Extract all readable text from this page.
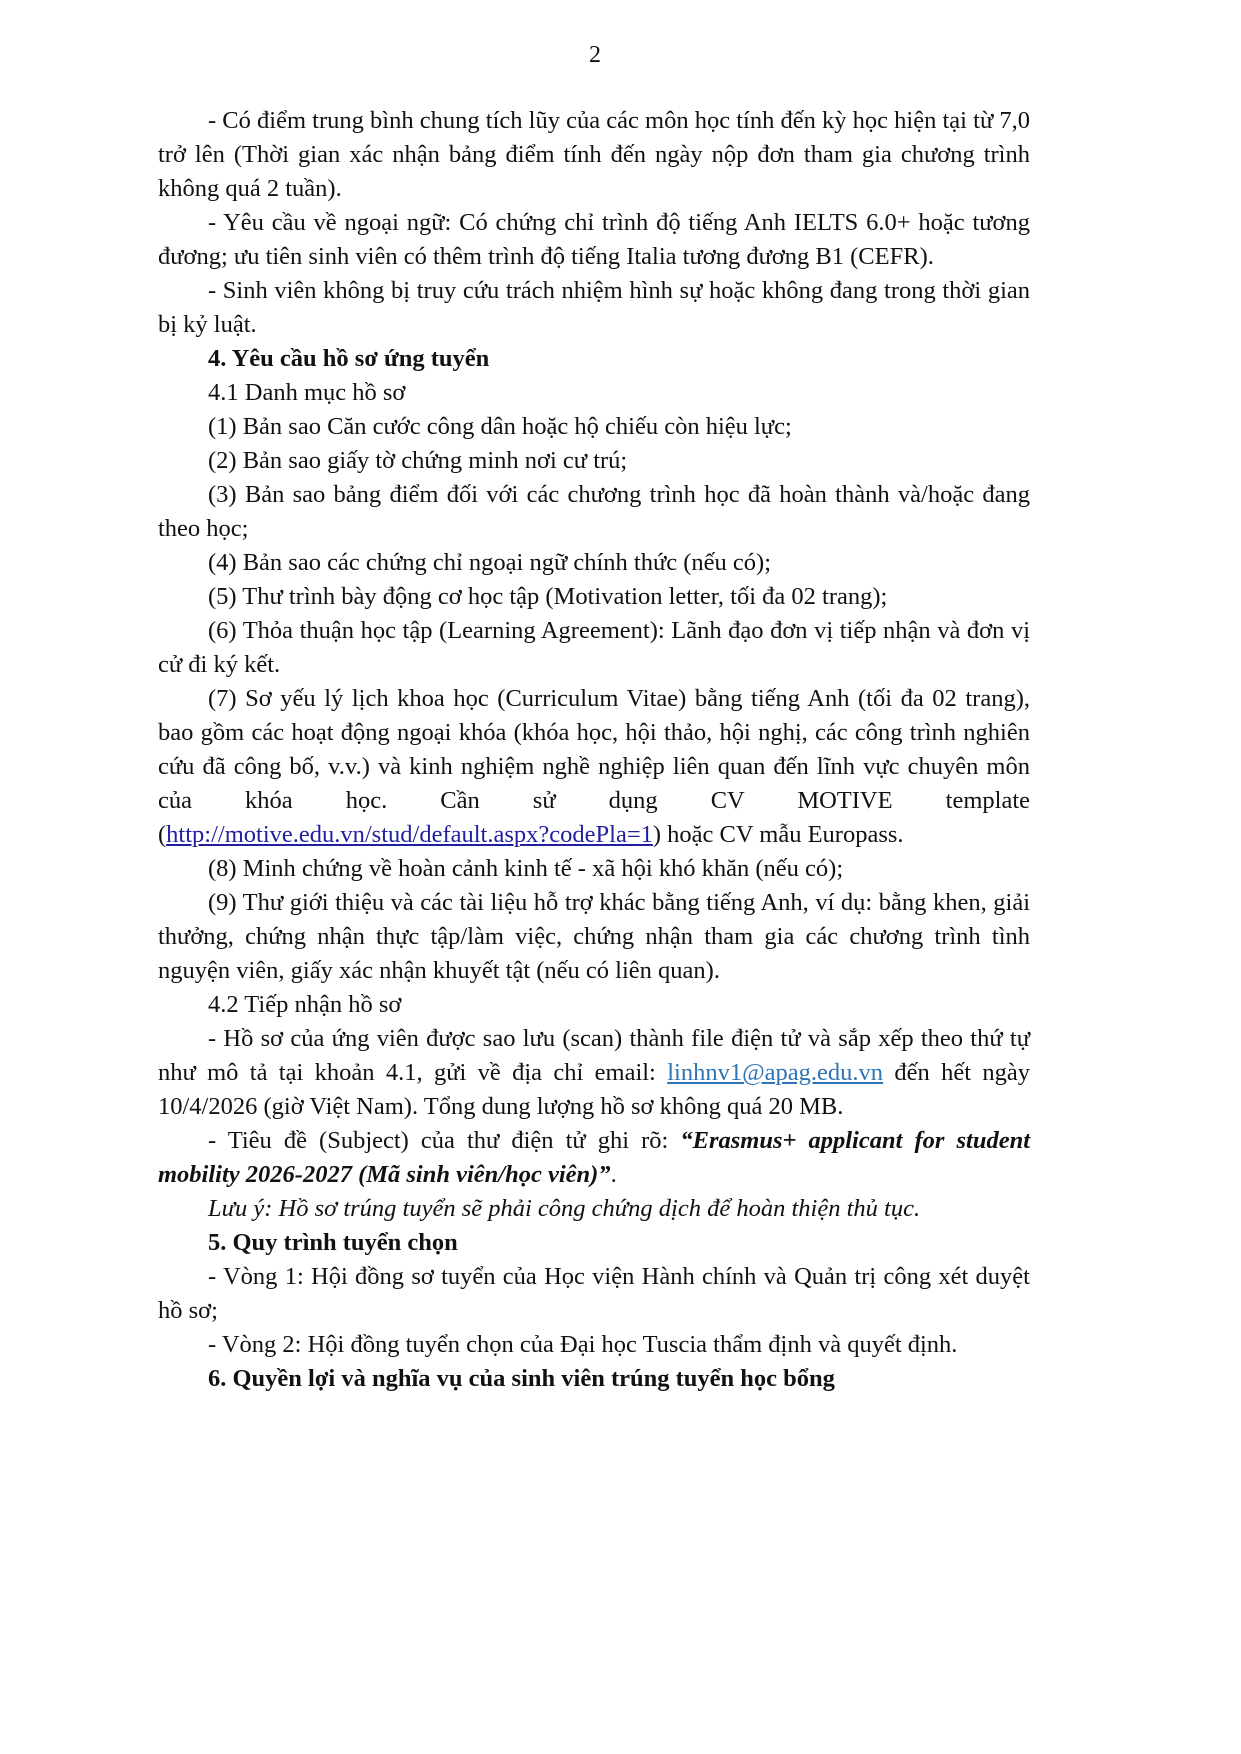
2

- Có điểm trung bình chung tích lũy của các môn học tính đến kỳ học hiện tại từ 7,0 trở lên (Thời gian xác nhận bảng điểm tính đến ngày nộp đơn tham gia chương trình không quá 2 tuần).

- Yêu cầu về ngoại ngữ: Có chứng chỉ trình độ tiếng Anh IELTS 6.0+ hoặc tương đương; ưu tiên sinh viên có thêm trình độ tiếng Italia tương đương B1 (CEFR).

- Sinh viên không bị truy cứu trách nhiệm hình sự hoặc không đang trong thời gian bị kỷ luật.

4. Yêu cầu hồ sơ ứng tuyển

4.1 Danh mục hồ sơ

(1) Bản sao Căn cước công dân hoặc hộ chiếu còn hiệu lực;

(2) Bản sao giấy tờ chứng minh nơi cư trú;

(3) Bản sao bảng điểm đối với các chương trình học đã hoàn thành và/hoặc đang theo học;

(4) Bản sao các chứng chỉ ngoại ngữ chính thức (nếu có);

(5) Thư trình bày động cơ học tập (Motivation letter, tối đa 02 trang);

(6) Thỏa thuận học tập (Learning Agreement): Lãnh đạo đơn vị tiếp nhận và đơn vị cử đi ký kết.

(7) Sơ yếu lý lịch khoa học (Curriculum Vitae) bằng tiếng Anh (tối đa 02 trang), bao gồm các hoạt động ngoại khóa (khóa học, hội thảo, hội nghị, các công trình nghiên cứu đã công bố, v.v.) và kinh nghiệm nghề nghiệp liên quan đến lĩnh vực chuyên môn của khóa học. Cần sử dụng CV MOTIVE template (http://motive.edu.vn/stud/default.aspx?codePla=1) hoặc CV mẫu Europass.

(8) Minh chứng về hoàn cảnh kinh tế - xã hội khó khăn (nếu có);

(9) Thư giới thiệu và các tài liệu hỗ trợ khác bằng tiếng Anh, ví dụ: bằng khen, giải thưởng, chứng nhận thực tập/làm việc, chứng nhận tham gia các chương trình tình nguyện viên, giấy xác nhận khuyết tật (nếu có liên quan).

4.2 Tiếp nhận hồ sơ

- Hồ sơ của ứng viên được sao lưu (scan) thành file điện tử và sắp xếp theo thứ tự như mô tả tại khoản 4.1, gửi về địa chỉ email: linhnv1@apag.edu.vn đến hết ngày 10/4/2026 (giờ Việt Nam). Tổng dung lượng hồ sơ không quá 20 MB.

- Tiêu đề (Subject) của thư điện tử ghi rõ: “Erasmus+ applicant for student mobility 2026-2027 (Mã sinh viên/học viên)”.

Lưu ý: Hồ sơ trúng tuyển sẽ phải công chứng dịch để hoàn thiện thủ tục.

5. Quy trình tuyển chọn

- Vòng 1: Hội đồng sơ tuyển của Học viện Hành chính và Quản trị công xét duyệt hồ sơ;

- Vòng 2: Hội đồng tuyển chọn của Đại học Tuscia thẩm định và quyết định.

6. Quyền lợi và nghĩa vụ của sinh viên trúng tuyển học bổng
